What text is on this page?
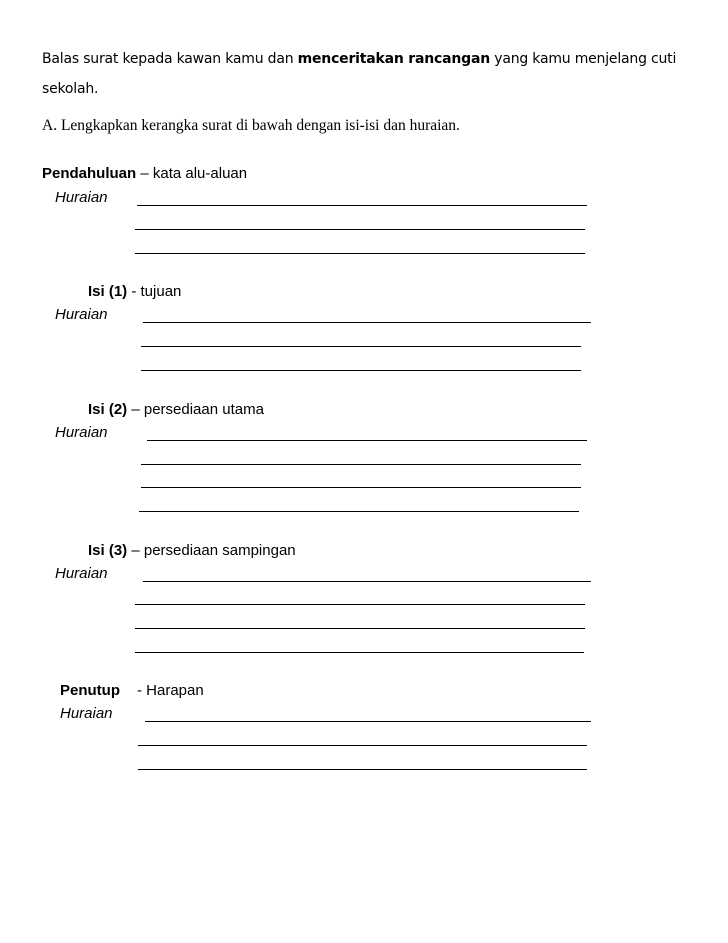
Balas surat kepada kawan kamu dan menceritakan rancangan yang kamu menjelang cuti sekolah.
A. Lengkapkan kerangka surat di bawah dengan isi-isi dan huraian.
Pendahuluan – kata alu-aluan
Huraian
Isi (1) - tujuan
Huraian
Isi (2) – persediaan utama
Huraian
Isi (3) – persediaan sampingan
Huraian
Penutup - Harapan
Huraian
